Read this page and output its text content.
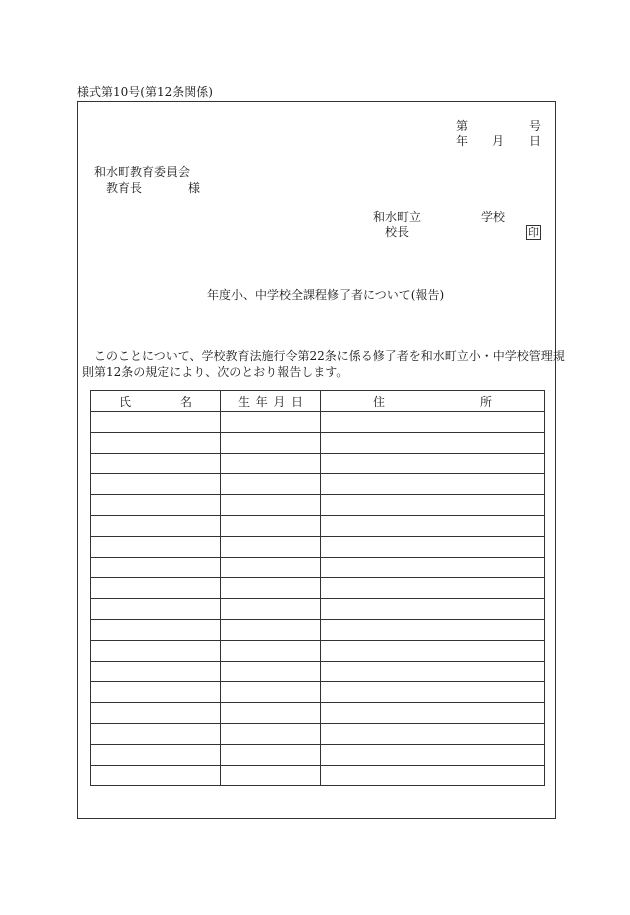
様式第10号(第12条関係)
第	号
年 月 日
和水町教育委員会
教育長	様
和水町立	学校
校長	印
年度小、中学校全課程修了者について(報告)
このことについて、学校教育法施行令第22条に係る修了者を和水町立小・中学校管理規
則第12条の規定により、次のとおり報告します。
氏 名	生 年 月 日	住 所
